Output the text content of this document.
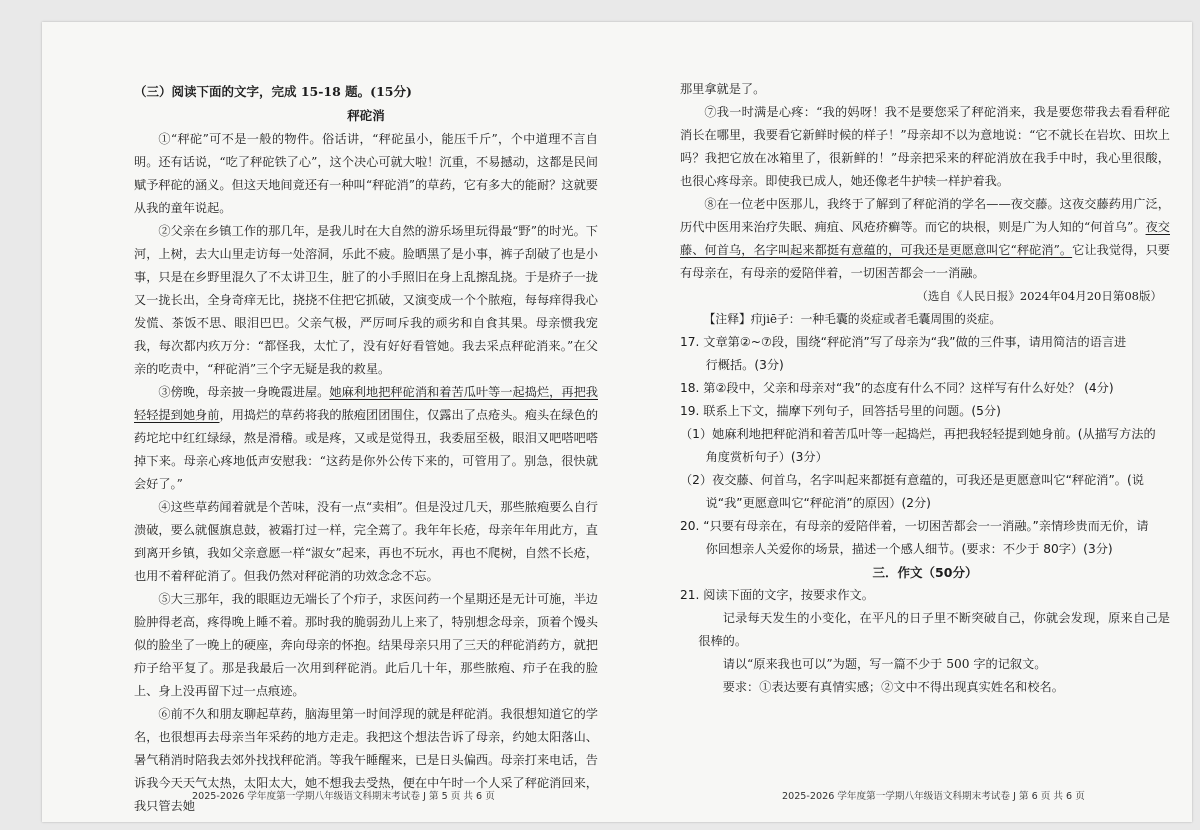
（三）阅读下面的文字，完成 15-18 题。(15分)

秤砣消

①“秤砣”可不是一般的物件。俗话讲，“秤砣虽小，能压千斤”，个中道理不言自明。还有话说，“吃了秤砣铁了心”，这个决心可就大啦！沉重，不易撼动，这都是民间赋予秤砣的涵义。但这天地间竟还有一种叫“秤砣消”的草药，它有多大的能耐？这就要从我的童年说起。

②父亲在乡镇工作的那几年，是我儿时在大自然的游乐场里玩得最“野”的时光。下河，上树，去大山里走访每一处溶洞，乐此不疲。脸晒黑了是小事，裤子刮破了也是小事，只是在乡野里混久了不太讲卫生，脏了的小手照旧在身上乱擦乱挠。于是疥子一拢又一拢长出，全身奇痒无比，挠挠不住把它抓破，又演变成一个个脓疱，每每痒得我心发慌、茶饭不思、眼泪巴巴。父亲气极，严厉呵斥我的顽劣和自食其果。母亲惯我宠我，每次都内疚万分：“都怪我，太忙了，没有好好看管她。我去采点秤砣消来。”在父亲的吃责中，“秤砣消”三个字无疑是我的救星。

③傍晚，母亲披一身晚霞进屋。她麻利地把秤砣消和着苦瓜叶等一起捣烂，再把我轻轻提到她身前，用捣烂的草药将我的脓疱团团围住，仅露出了点疮头。疱头在绿色的药坨坨中红红绿绿，熬是滑稽。或是疼，又或是觉得丑，我委屈至极，眼泪又吧嗒吧嗒掉下来。母亲心疼地低声安慰我：“这药是你外公传下来的，可管用了。别急，很快就会好了。”

④这些草药闻着就是个苦味，没有一点“卖相”。但是没过几天，那些脓疱要么自行溃破，要么就偃旗息鼓，被霜打过一样，完全蔫了。我年年长疮，母亲年年用此方，直到离开乡镇，我如父亲意愿一样“淑女”起来，再也不玩水，再也不爬树，自然不长疮，也用不着秤砣消了。但我仍然对秤砣消的功效念念不忘。

⑤大三那年，我的眼眶边无端长了个疖子，求医问药一个星期还是无计可施，半边脸肿得老高，疼得晚上睡不着。那时我的脆弱劲儿上来了，特别想念母亲，顶着个馒头似的脸坐了一晚上的硬座，奔向母亲的怀抱。结果母亲只用了三天的秤砣消药方，就把疖子给平复了。那是我最后一次用到秤砣消。此后几十年，那些脓疱、疖子在我的脸上、身上没再留下过一点痕迹。

⑥前不久和朋友聊起草药，脑海里第一时间浮现的就是秤砣消。我很想知道它的学名，也很想再去母亲当年采药的地方走走。我把这个想法告诉了母亲，约她太阳落山、暑气稍消时陪我去郊外找找秤砣消。等我午睡醒来，已是日头偏西。母亲打来电话，告诉我今天天气太热，太阳太大，她不想我去受热，便在中午时一个人采了秤砣消回来，我只管去她

2025-2026 学年度第一学期八年级语文科期末考试卷 J 第 5 页 共 6 页

那里拿就是了。

⑦我一时满是心疼：“我的妈呀！我不是要您采了秤砣消来，我是要您带我去看看秤砣消长在哪里，我要看它新鲜时候的样子！”母亲却不以为意地说：“它不就长在岩坎、田坎上吗？我把它放在冰箱里了，很新鲜的！”母亲把采来的秤砣消放在我手中时，我心里很酸，也很心疼母亲。即使我已成人，她还像老牛护犊一样护着我。

⑧在一位老中医那儿，我终于了解到了秤砣消的学名——夜交藤。这夜交藤药用广泛，历代中医用来治疗失眠、痈疽、风疮疥癣等。而它的块根，则是广为人知的“何首乌”。夜交藤、何首乌，名字叫起来都挺有意蕴的，可我还是更愿意叫它“秤砣消”。它让我觉得，只要有母亲在，有母亲的爱陪伴着，一切困苦都会一一消融。

（选自《人民日报》2024年04月20日第08版）

【注释】疖jiē子：一种毛囊的炎症或者毛囊周围的炎症。

17. 文章第②~⑦段，围绕“秤砣消”写了母亲为“我”做的三件事，请用简洁的语言进
行概括。(3分)
18. 第②段中，父亲和母亲对“我”的态度有什么不同？这样写有什么好处？ (4分)
19. 联系上下文，揣摩下列句子，回答括号里的问题。(5分)
（1）她麻利地把秤砣消和着苦瓜叶等一起捣烂，再把我轻轻提到她身前。(从描写方法的
角度赏析句子）(3分）
（2）夜交藤、何首乌，名字叫起来都挺有意蕴的，可我还是更愿意叫它“秤砣消”。(说
说“我”更愿意叫它“秤砣消”的原因）(2分)
20. “只要有母亲在，有母亲的爱陪伴着，一切困苦都会一一消融。”亲情珍贵而无价，请
你回想亲人关爱你的场景，描述一个感人细节。(要求：不少于 80字）(3分)
三．作文（50分）
21. 阅读下面的文字，按要求作文。

记录每天发生的小变化，在平凡的日子里不断突破自己，你就会发现，原来自己是很棒的。

请以“原来我也可以”为题，写一篇不少于 500 字的记叙文。

要求：①表达要有真情实感；②文中不得出现真实姓名和校名。

2025-2026 学年度第一学期八年级语文科期末考试卷 J 第 6 页 共 6 页
